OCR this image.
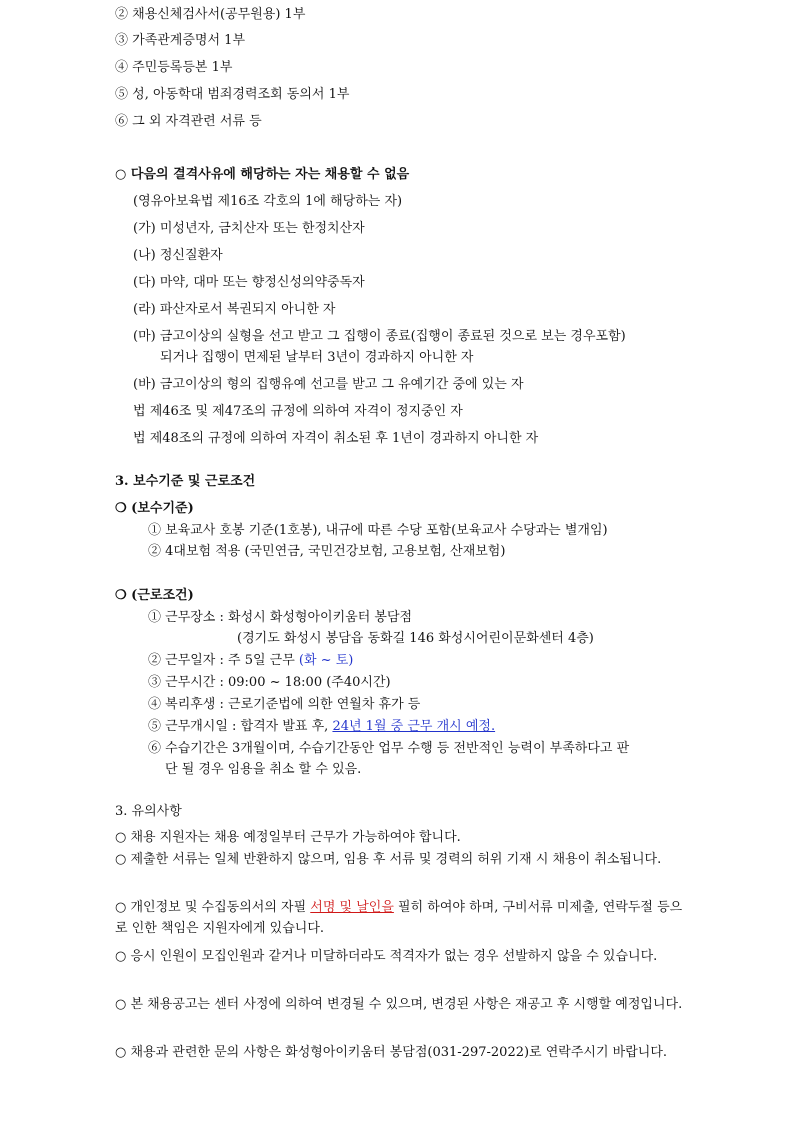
② 채용신체검사서(공무원용) 1부
③ 가족관계증명서 1부
④ 주민등록등본 1부
⑤ 성, 아동학대 범죄경력조회 동의서 1부
⑥ 그 외 자격관련 서류 등
○ 다음의 결격사유에 해당하는 자는 채용할 수 없음
(영유아보육법 제16조 각호의 1에 해당하는 자)
(가) 미성년자, 금치산자 또는 한정치산자
(나) 정신질환자
(다) 마약, 대마 또는 향정신성의약중독자
(라) 파산자로서 복권되지 아니한 자
(마) 금고이상의 실형을 선고 받고 그 집행이 종료(집행이 종료된 것으로 보는 경우포함)
되거나 집행이 면제된 날부터 3년이 경과하지 아니한 자
(바) 금고이상의 형의 집행유예 선고를 받고 그 유예기간 중에 있는 자
법 제46조 및 제47조의 규정에 의하여 자격이 정지중인 자
법 제48조의 규정에 의하여 자격이 취소된 후 1년이 경과하지 아니한 자
3. 보수기준 및 근로조건
❍ (보수기준)
① 보육교사 호봉 기준(1호봉), 내규에 따른 수당 포함(보육교사 수당과는 별개임)
② 4대보험 적용 (국민연금, 국민건강보험, 고용보험, 산재보험)
❍ (근로조건)
① 근무장소 : 화성시 화성형아이키움터 봉담점
(경기도 화성시 봉담읍 동화길 146 화성시어린이문화센터 4층)
② 근무일자 : 주 5일 근무 (화 ~ 토)
③ 근무시간 : 09:00 ~ 18:00 (주40시간)
④ 복리후생 : 근로기준법에 의한 연월차 휴가 등
⑤ 근무개시일 : 합격자 발표 후, 24년 1월 중 근무 개시 예정.
⑥ 수습기간은 3개월이며, 수습기간동안 업무 수행 등 전반적인 능력이 부족하다고 판
단 될 경우 임용을 취소 할 수 있음.
3. 유의사항
○ 채용 지원자는 채용 예정일부터 근무가 가능하여야 합니다.
○ 제출한 서류는 일체 반환하지 않으며, 임용 후 서류 및 경력의 허위 기재 시 채용이 취소됩니다.
○ 개인정보 및 수집동의서의 자필 서명 및 날인을 필히 하여야 하며, 구비서류 미제출, 연락두절 등으로 인한 책임은 지원자에게 있습니다.
○ 응시 인원이 모집인원과 같거나 미달하더라도 적격자가 없는 경우 선발하지 않을 수 있습니다.
○ 본 채용공고는 센터 사정에 의하여 변경될 수 있으며, 변경된 사항은 재공고 후 시행할 예정입니다.
○ 채용과 관련한 문의 사항은 화성형아이키움터 봉담점(031-297-2022)로 연락주시기 바랍니다.
